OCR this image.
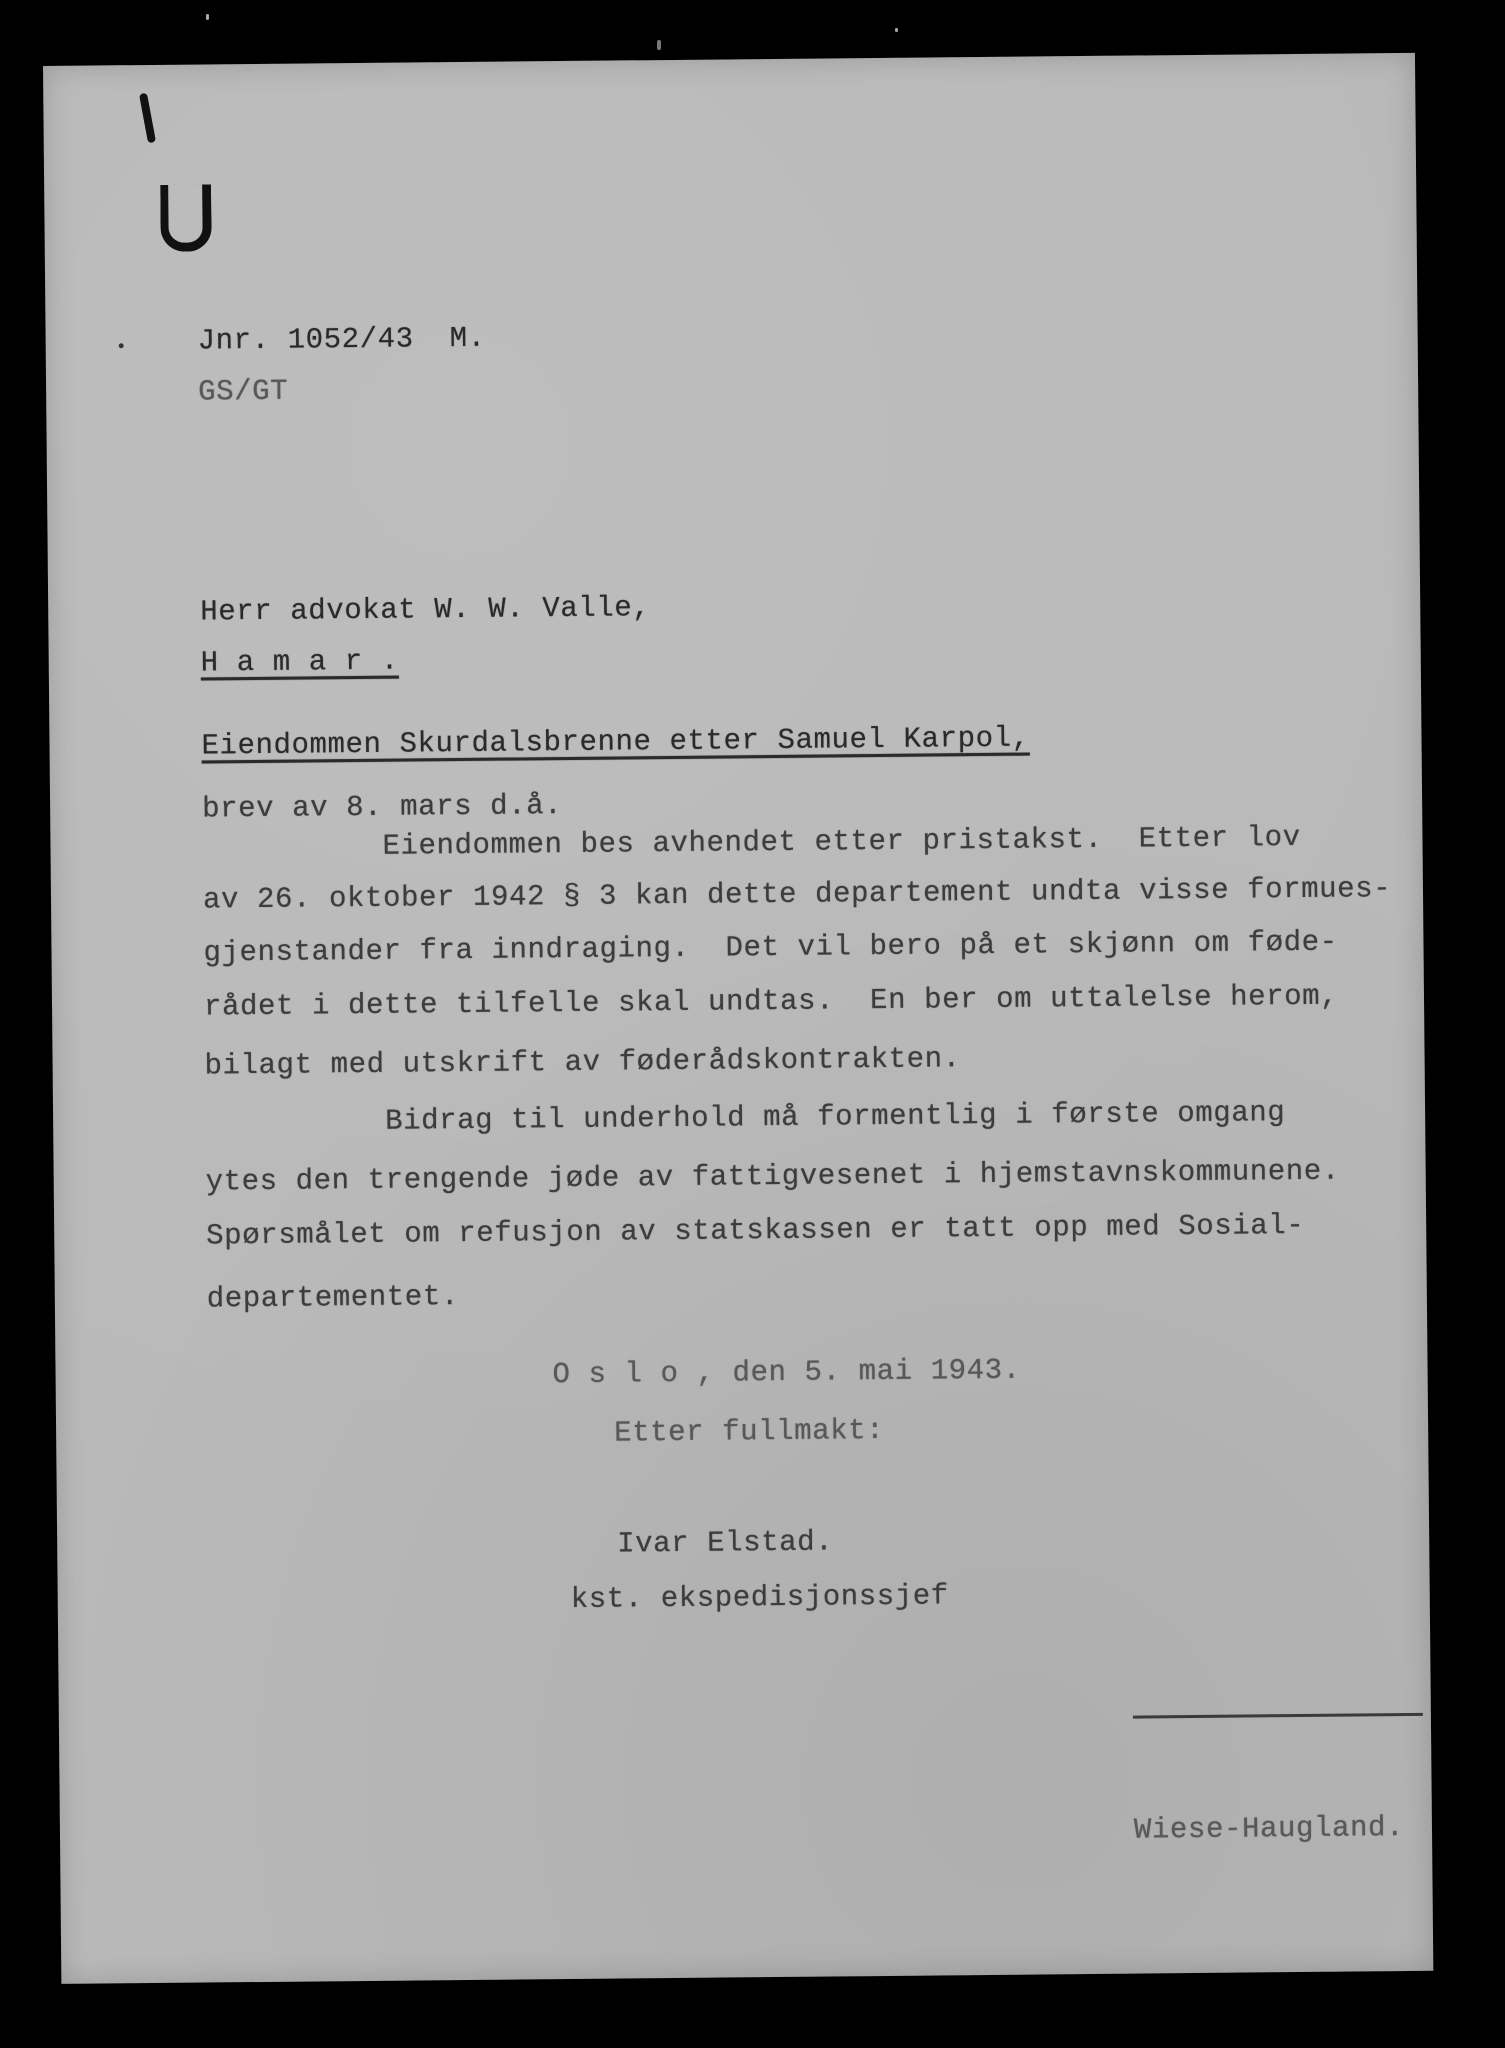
Jnr. 1052/43  M.
GS/GT
Herr advokat W. W. Valle,
H a m a r .
Eiendommen Skurdalsbrenne etter Samuel Karpol,
brev av 8. mars d.å.
Eiendommen bes avhendet etter pristakst.  Etter lov
av 26. oktober 1942 § 3 kan dette departement undta visse formues-
gjenstander fra inndraging.  Det vil bero på et skjønn om føde-
rådet i dette tilfelle skal undtas.  En ber om uttalelse herom,
bilagt med utskrift av føderådskontrakten.
Bidrag til underhold må formentlig i første omgang
ytes den trengende jøde av fattigvesenet i hjemstavnskommunene.
Spørsmålet om refusjon av statskassen er tatt opp med Sosial-
departementet.
O s l o , den 5. mai 1943.
Etter fullmakt:
Ivar Elstad.
kst. ekspedisjonssjef
Wiese-Haugland.
